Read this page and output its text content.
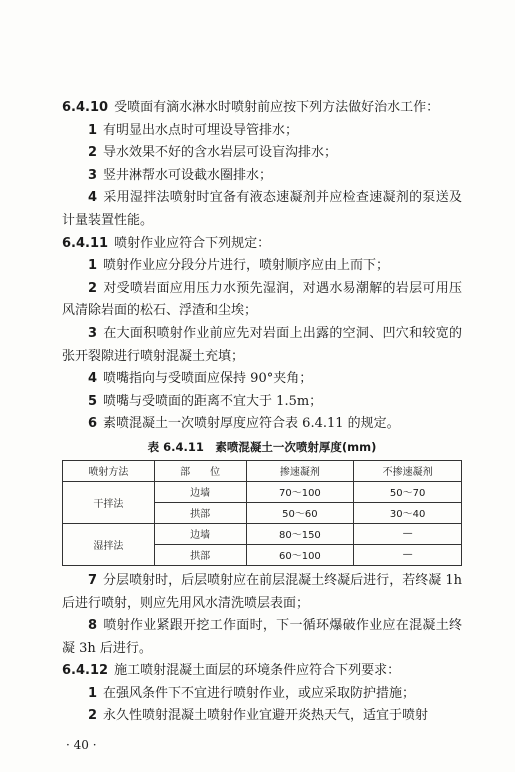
6.4.10 受喷面有滴水淋水时喷射前应按下列方法做好治水工作：

1 有明显出水点时可埋设导管排水；

2 导水效果不好的含水岩层可设盲沟排水；

3 竖井淋帮水可设截水圈排水；

4 采用湿拌法喷射时宜备有液态速凝剂并应检查速凝剂的泵送及计量装置性能。

6.4.11 喷射作业应符合下列规定：

1 喷射作业应分段分片进行，喷射顺序应由上而下；

2 对受喷岩面应用压力水预先湿润，对遇水易潮解的岩层可用压风清除岩面的松石、浮渣和尘埃；

3 在大面积喷射作业前应先对岩面上出露的空洞、凹穴和较宽的张开裂隙进行喷射混凝土充填；

4 喷嘴指向与受喷面应保持 90°夹角；

5 喷嘴与受喷面的距离不宜大于 1.5m；

6 素喷混凝土一次喷射厚度应符合表 6.4.11 的规定。

表 6.4.11　素喷混凝土一次喷射厚度(mm)
喷射方法	部　　位	掺速凝剂	不掺速凝剂
干拌法	边墙	70～100	50～70
	拱部	50～60	30～40
湿拌法	边墙	80～150	—
	拱部	60～100	—

7 分层喷射时，后层喷射应在前层混凝土终凝后进行，若终凝 1h 后进行喷射，则应先用风水清洗喷层表面；

8 喷射作业紧跟开挖工作面时，下一循环爆破作业应在混凝土终凝 3h 后进行。

6.4.12 施工喷射混凝土面层的环境条件应符合下列要求：

1 在强风条件下不宜进行喷射作业，或应采取防护措施；

2 永久性喷射混凝土喷射作业宜避开炎热天气，适宜于喷射

· 40 ·
